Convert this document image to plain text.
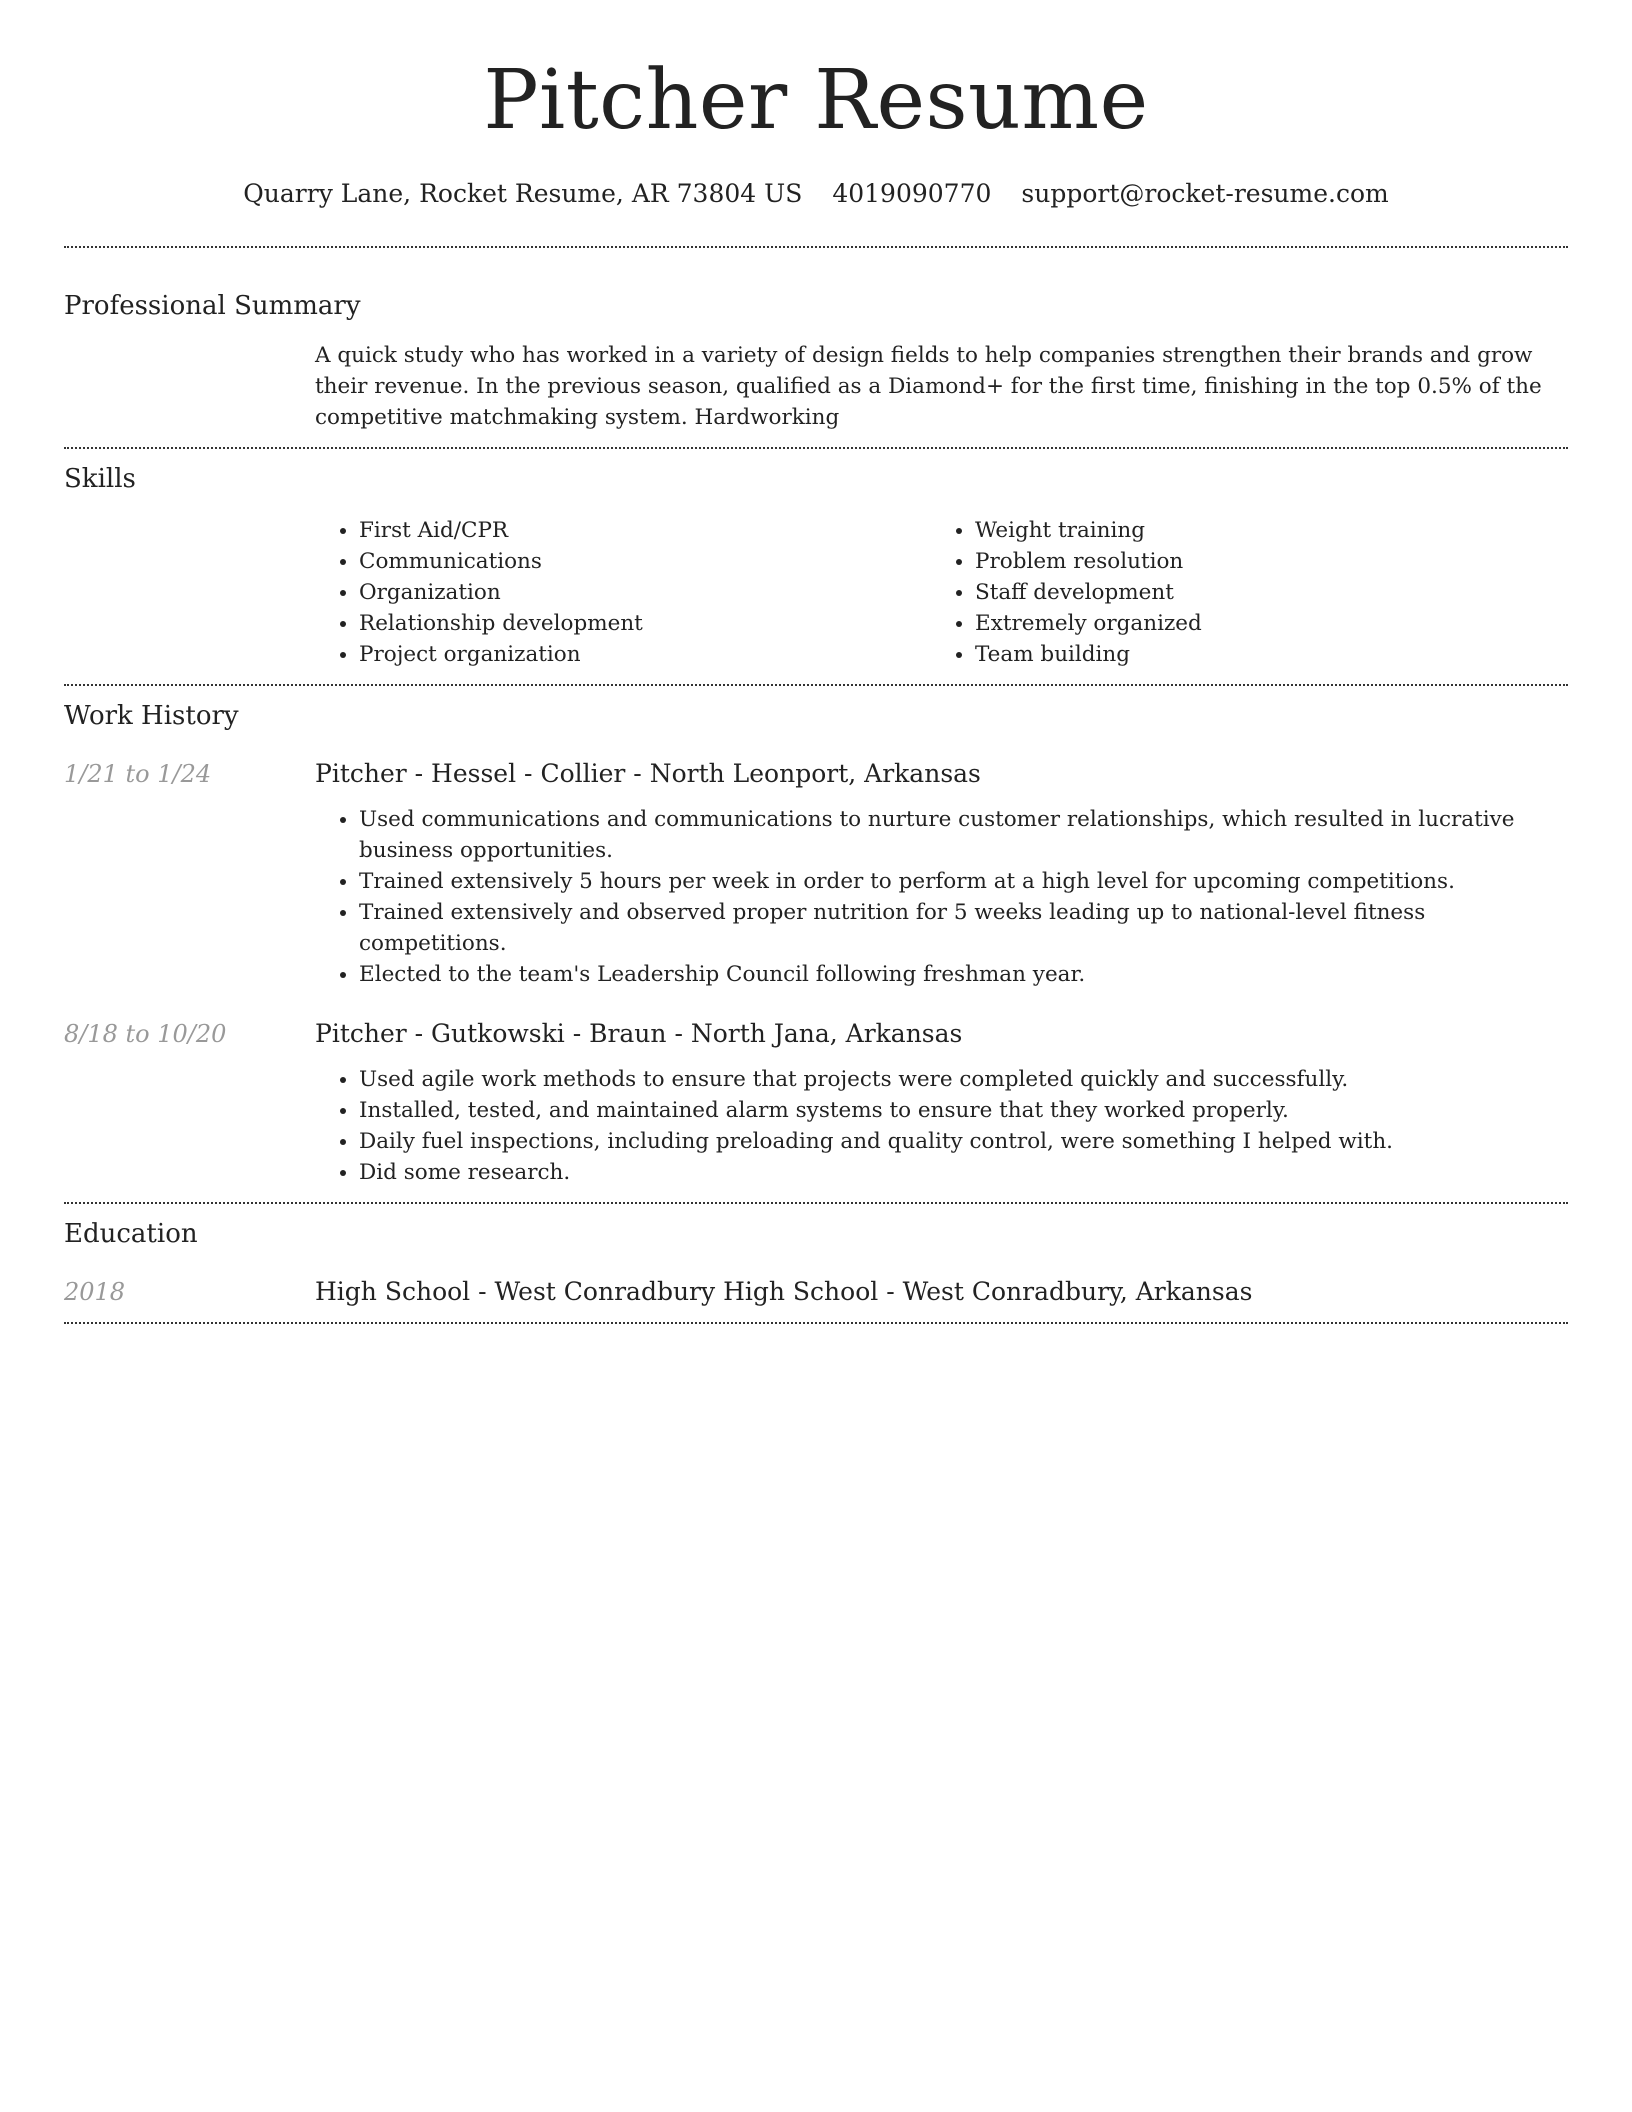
Pitcher Resume
Quarry Lane, Rocket Resume, AR 73804 US 4019090770 support@rocket-resume.com
Professional Summary
A quick study who has worked in a variety of design fields to help companies strengthen their brands and grow their revenue. In the previous season, qualified as a Diamond+ for the first time, finishing in the top 0.5% of the competitive matchmaking system. Hardworking
Skills
• First Aid/CPR
• Communications
• Organization
• Relationship development
• Project organization
• Weight training
• Problem resolution
• Staff development
• Extremely organized
• Team building
Work History
1/21 to 1/24	Pitcher - Hessel - Collier - North Leonport, Arkansas
• Used communications and communications to nurture customer relationships, which resulted in lucrative business opportunities.
• Trained extensively 5 hours per week in order to perform at a high level for upcoming competitions.
• Trained extensively and observed proper nutrition for 5 weeks leading up to national-level fitness competitions.
• Elected to the team's Leadership Council following freshman year.
8/18 to 10/20	Pitcher - Gutkowski - Braun - North Jana, Arkansas
• Used agile work methods to ensure that projects were completed quickly and successfully.
• Installed, tested, and maintained alarm systems to ensure that they worked properly.
• Daily fuel inspections, including preloading and quality control, were something I helped with.
• Did some research.
Education
2018	High School - West Conradbury High School - West Conradbury, Arkansas
